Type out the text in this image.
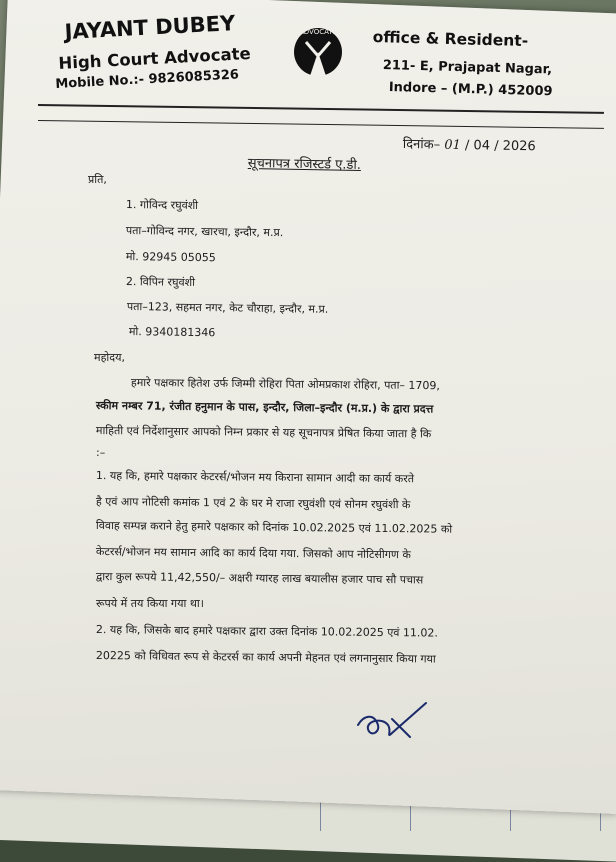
JAYANT DUBEY
High Court Advocate
Mobile No.:- 9826085326
ADVOCATE office & Resident-
211- E, Prajapat Nagar,
Indore – (M.P.) 452009
दिनांक– 01 / 04 / 2026
सूचनापत्र रजिस्टर्ड ए.डी.
प्रति,
1. गोविन्द रघुवंशी
पता–गोविन्द नगर, खारचा, इन्दौर, म.प्र.
मो. 92945 05055
2. विपिन रघुवंशी
पता–123, सहमत नगर, केट चौराहा, इन्दौर, म.प्र.
मो. 9340181346
महोदय,
हमारे पक्षकार हितेश उर्फ जिम्मी रोहिरा पिता ओमप्रकाश रोहिरा, पता– 1709,
स्कीम नम्बर 71, रंजीत हनुमान के पास, इन्दौर, जिला–इन्दौर (म.प्र.) के द्वारा प्रदत्त
माहिती एवं निर्देशानुसार आपको निम्न प्रकार से यह सूचनापत्र प्रेषित किया जाता है कि
:–
1. यह कि, हमारे पक्षकार केटरर्स/भोजन मय किराना सामान आदी का कार्य करते
है एवं आप नोटिसी कमांक 1 एवं 2 के घर मे राजा रघुवंशी एवं सोनम रघुवंशी के
विवाह सम्पन्न कराने हेतु हमारे पक्षकार को दिनांक 10.02.2025 एवं 11.02.2025 को
केटरर्स/भोजन मय सामान आदि का कार्य दिया गया. जिसको आप नोटिसीगण के
द्वारा कुल रूपये 11,42,550/– अक्षरी ग्यारह लाख बयालीस हजार पाच सौ पचास
रूपये में तय किया गया था।
2. यह कि, जिसके बाद हमारे पक्षकार द्वारा उक्त दिनांक 10.02.2025 एवं 11.02.
20225 को विधिवत रूप से केटरर्स का कार्य अपनी मेहनत एवं लगनानुसार किया गया
